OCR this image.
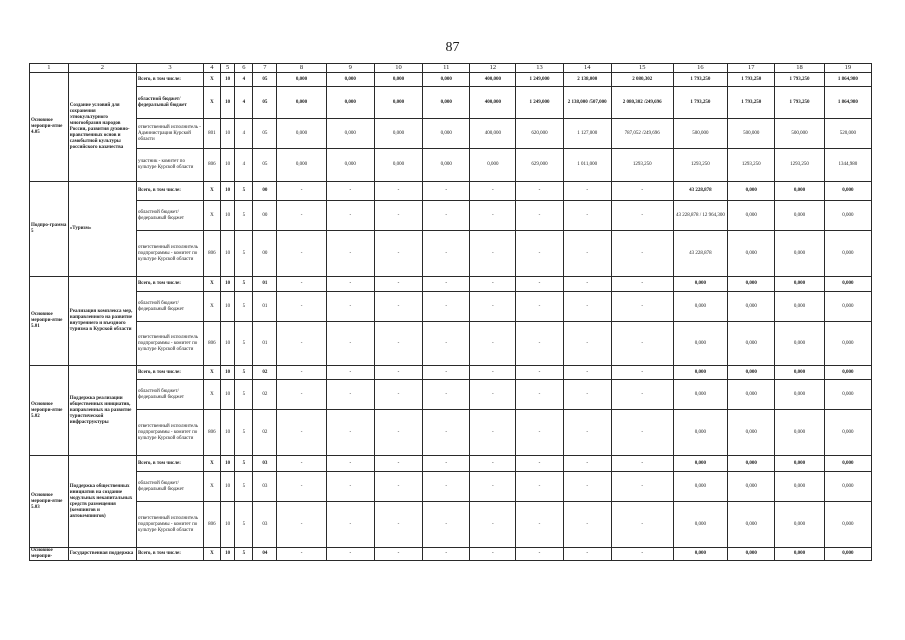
87
1	2	3	4	5	6	7	8	9	10	11	12	13	14	15	16	17	18	19
Основное меропри-ятие 4.05	Создание условий для сохранения этнокультурного многообразия народов России, развития духовно-нравственных основ и самобытной культуры российского казачества	Всего, в том числе:	Х	10	4	05	0,000	0,000	0,000	0,000	400,000	1 249,000	2 138,000	2 080,302	1 793,250	1 793,250	1 793,250	1 864,980
		областной бюджет/ федеральный бюджет	Х	10	4	05	0,000	0,000	0,000	0,000	400,000	1 249,000	2 138,000 /507,000	2 080,302 /249,696	1 793,250	1 793,250	1 793,250	1 864,980
		ответственный исполнитель - Администрация Курской области	801	10	4	05	0,000	0,000	0,000	0,000	400,000	620,000	1 127,000	787,052 /249,696	500,000	500,000	500,000	520,000
		участник - комитет по культуре Курской области	806	10	4	05	0,000	0,000	0,000	0,000	0,000	629,000	1 011,000	1293,250	1293,250	1293,250	1293,250	1344,980
Подпро-грамма 5	«Туризм»	Всего, в том числе:	Х	10	5	00	-	-	-	-	-	-	-	-	43 228,878	0,000	0,000	0,000
		областной бюджет/ федеральный бюджет	Х	10	5	00	-	-	-	-	-	-	-	-	43 228,878 / 12 964,300	0,000	0,000	0,000
		ответственный исполнитель подпрограммы - комитет по культуре Курской области	806	10	5	00	-	-	-	-	-	-	-	-	43 228,878	0,000	0,000	0,000
Основное меропри-ятие 5.01	Реализация комплекса мер, направленного на развитие внутреннего и въездного туризма в Курской области	Всего, в том числе:	Х	10	5	01	-	-	-	-	-	-	-	-	0,000	0,000	0,000	0,000
		областной бюджет/ федеральный бюджет	Х	10	5	01	-	-	-	-	-	-	-	-	0,000	0,000	0,000	0,000
		ответственный исполнитель подпрограммы - комитет по культуре Курской области	806	10	5	01	-	-	-	-	-	-	-	-	0,000	0,000	0,000	0,000
Основное меропри-ятие 5.02	Поддержка реализации общественных инициатив, направленных на развитие туристической инфраструктуры	Всего, в том числе:	Х	10	5	02	-	-	-	-	-	-	-	-	0,000	0,000	0,000	0,000
		областной бюджет/ федеральный бюджет	Х	10	5	02	-	-	-	-	-	-	-	-	0,000	0,000	0,000	0,000
		ответственный исполнитель подпрограммы - комитет по культуре Курской области	806	10	5	02	-	-	-	-	-	-	-	-	0,000	0,000	0,000	0,000
Основное меропри-ятие 5.03	Поддержка общественных инициатив на создание модульных некапитальных средств размещения (кемпингов и автокемпингов)	Всего, в том числе:	Х	10	5	03	-	-	-	-	-	-	-	-	0,000	0,000	0,000	0,000
		областной бюджет/ федеральный бюджет	Х	10	5	03	-	-	-	-	-	-	-	-	0,000	0,000	0,000	0,000
		ответственный исполнитель подпрограммы - комитет по культуре Курской области	806	10	5	03	-	-	-	-	-	-	-	-	0,000	0,000	0,000	0,000
Основное меропри-	Государственная поддержка	Всего, в том числе:	Х	10	5	04	-	-	-	-	-	-	-	-	0,000	0,000	0,000	0,000
